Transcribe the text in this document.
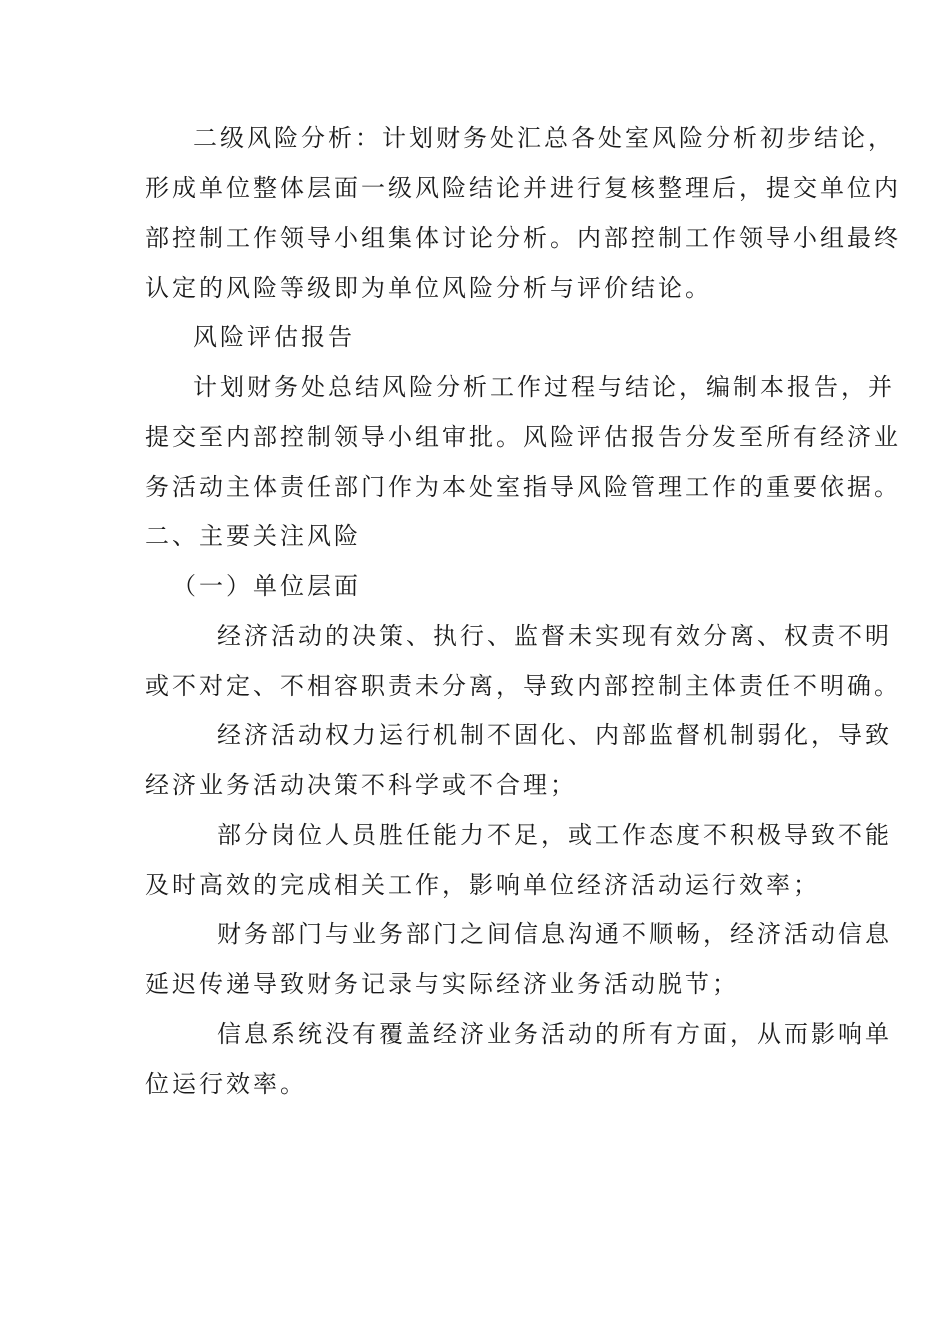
二级风险分析：计划财务处汇总各处室风险分析初步结论，
形成单位整体层面一级风险结论并进行复核整理后，提交单位内
部控制工作领导小组集体讨论分析。内部控制工作领导小组最终
认定的风险等级即为单位风险分析与评价结论。
风险评估报告
计划财务处总结风险分析工作过程与结论，编制本报告，并
提交至内部控制领导小组审批。风险评估报告分发至所有经济业
务活动主体责任部门作为本处室指导风险管理工作的重要依据。
二、主要关注风险
（一）单位层面
经济活动的决策、执行、监督未实现有效分离、权责不明
或不对定、不相容职责未分离，导致内部控制主体责任不明确。
经济活动权力运行机制不固化、内部监督机制弱化，导致
经济业务活动决策不科学或不合理；
部分岗位人员胜任能力不足，或工作态度不积极导致不能
及时高效的完成相关工作，影响单位经济活动运行效率；
财务部门与业务部门之间信息沟通不顺畅，经济活动信息
延迟传递导致财务记录与实际经济业务活动脱节；
信息系统没有覆盖经济业务活动的所有方面，从而影响单
位运行效率。
